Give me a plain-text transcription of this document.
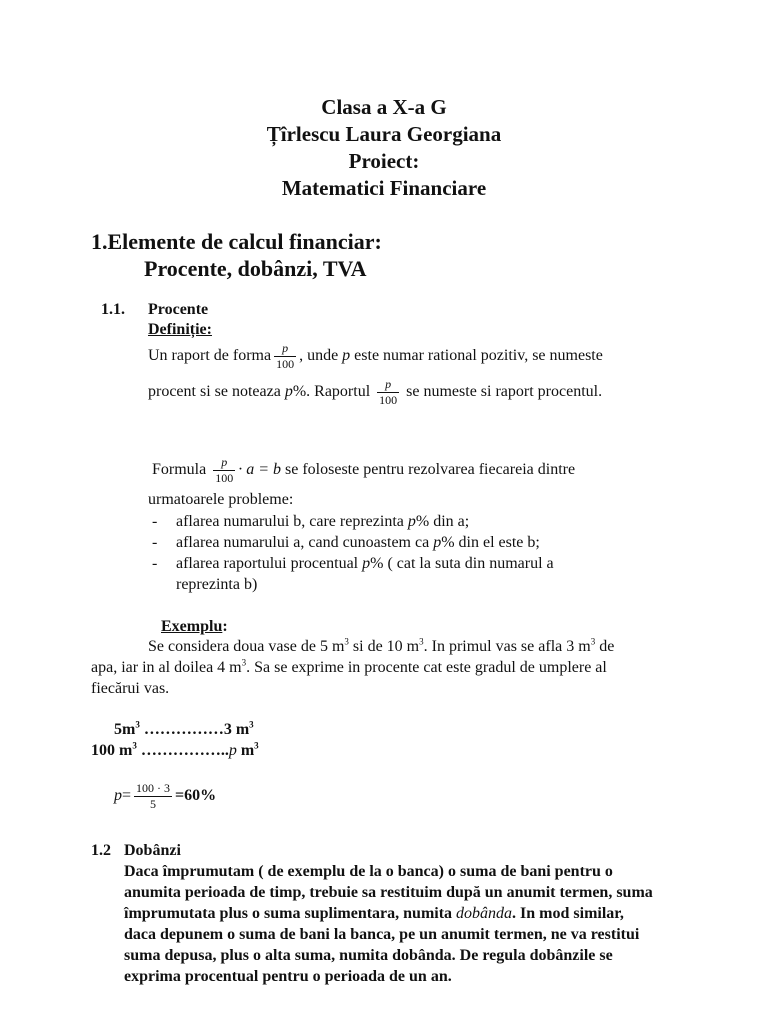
Clasa a X-a G
Țîrlescu Laura Georgiana
Proiect:
Matematici Financiare
1.Elemente de calcul financiar:
Procente, dobânzi, TVA
1.1. Procente
Definiție:
Un raport de forma $\frac{p}{100}$ , unde p este numar rational pozitiv, se numeste
procent si se noteaza p%. Raportul $\frac{p}{100}$ se numeste si raport procentul.
Formula $\frac{p}{100} \cdot a = b$ se foloseste pentru rezolvarea fiecareia dintre
urmatoarele probleme:
- aflarea numarului b, care reprezinta p% din a;
- aflarea numarului a, cand cunoastem ca p% din el este b;
- aflarea raportului procentual p% ( cat la suta din numarul a
reprezinta b)
Exemplu:
Se considera doua vase de 5 $m^3$ si de 10 $m^3$. In primul vas se afla 3 $m^3$ de
apa, iar in al doilea 4 $m^3$. Sa se exprime in procente cat este gradul de umplere al
fiecărui vas.
$5m^3$ ……………3 $m^3$
100 $m^3$ ……………..p $m^3$
$p= \frac{100 \cdot 3}{5} =60\%$
1.2 Dobânzi
Daca împrumutam ( de exemplu de la o banca) o suma de bani pentru o
anumita perioada de timp, trebuie sa restituim după un anumit termen, suma
împrumutata plus o suma suplimentara, numita dobânda. In mod similar,
daca depunem o suma de bani la banca, pe un anumit termen, ne va restitui
suma depusa, plus o alta suma, numita dobânda. De regula dobânzile se
exprima procentual pentru o perioada de un an.
